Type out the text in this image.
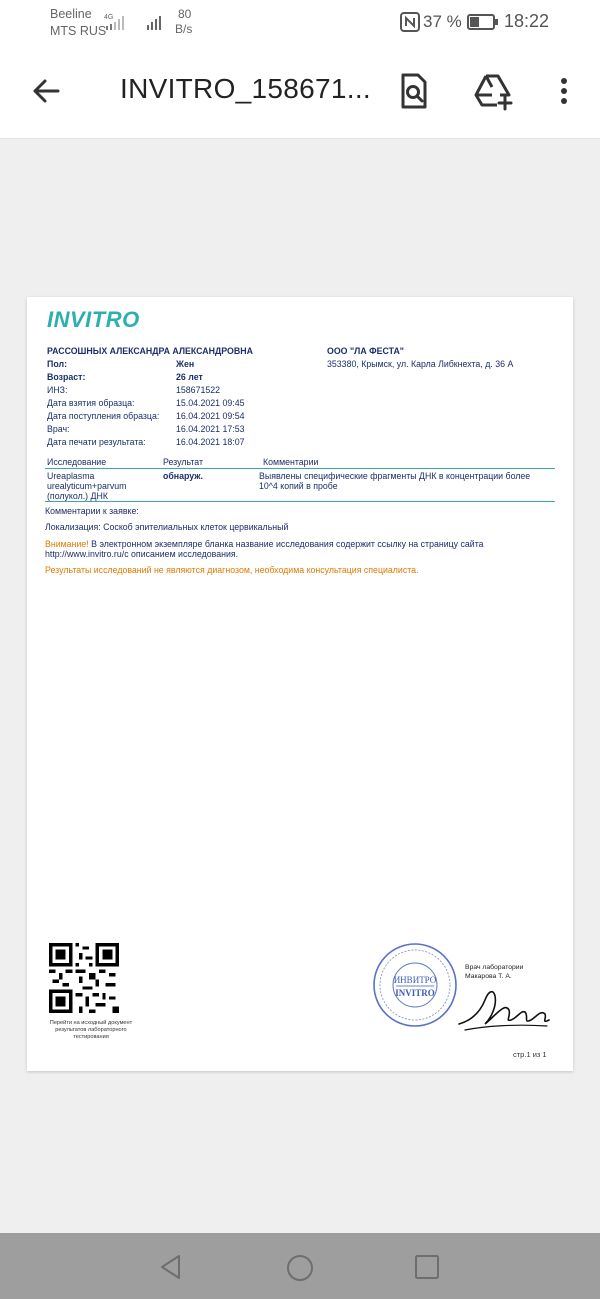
Beeline
MTS RUS
4G	80
B/s	37 % 18:22
INVITRO_158671...
INVITRO
РАССОШНЫХ АЛЕКСАНДРА АЛЕКСАНДРОВНА	ООО "ЛА ФЕСТА"
353380, Крымск, ул. Карла Либкнехта, д. 36 А
Пол:	Жен
Возраст:	26 лет
ИНЗ:	158671522
Дата взятия образца:	15.04.2021 09:45
Дата поступления образца: 16.04.2021 09:54
Врач:	16.04.2021 17:53
Дата печати результата:	16.04.2021 18:07
Исследование	Результат	Комментарии
Ureaplasma
urealyticum+parvum
(полукол.) ДНК
обнаруж.	Выявлены специфические фрагменты ДНК в концентрации более
10^4 копий в пробе
Комментарии к заявке:
Локализация: Соскоб эпителиальных клеток цервикальный
Внимание! В электронном экземпляре бланка название исследования содержит ссылку на страницу сайта
http://www.invitro.ru/с описанием исследования.
Результаты исследований не являются диагнозом, необходима консультация специалиста.
Перейти на исходный документ результатов лабораторного тестирования
ИНВИТРО
INVITRO
Врач лаборатории
Макарова Т. А.
стр.1 из 1
